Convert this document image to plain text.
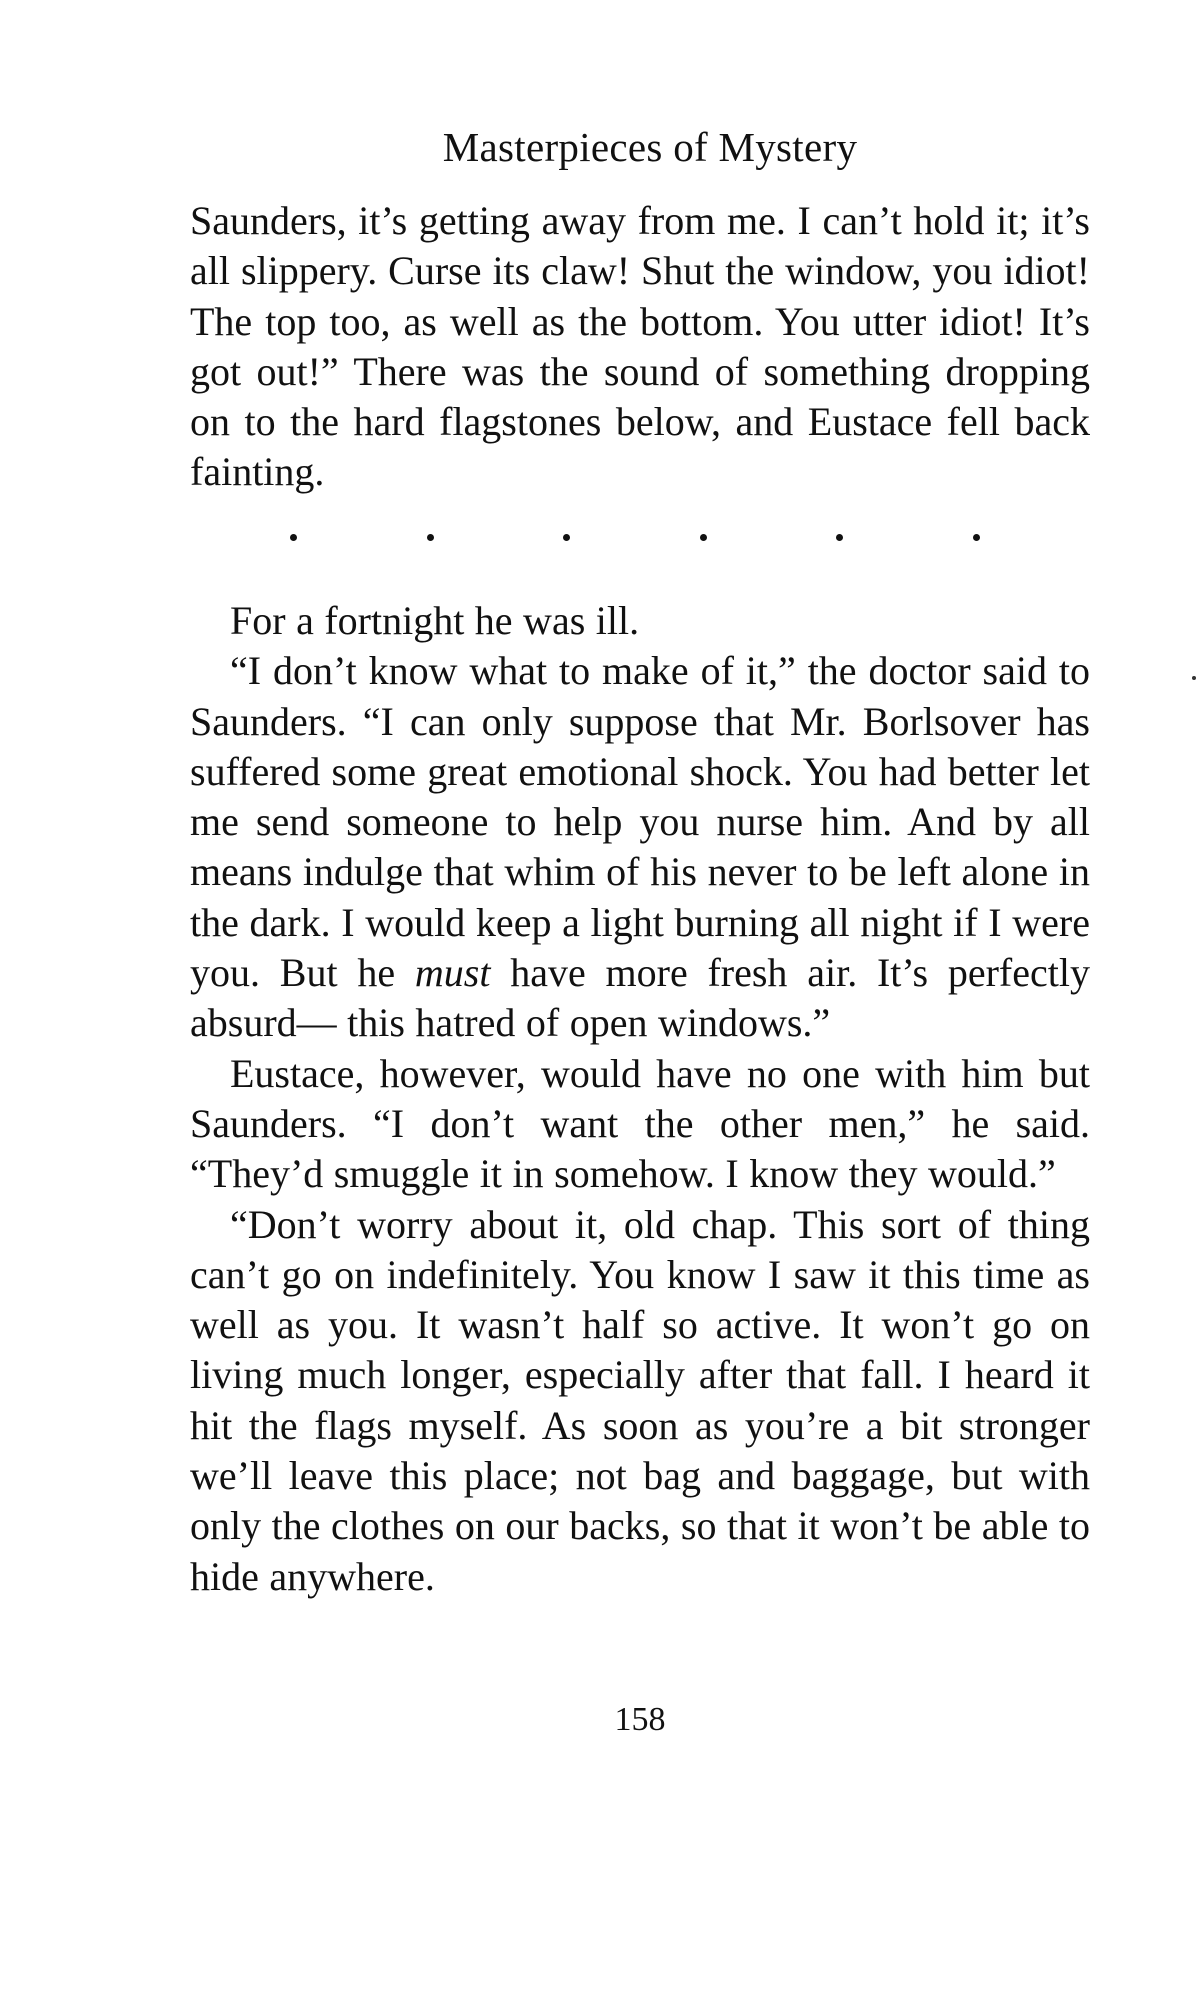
Masterpieces of Mystery

Saunders, it’s getting away from me. I can’t hold it; it’s all slippery. Curse its claw! Shut the window, you idiot! The top too, as well as the bottom. You utter idiot! It’s got out!” There was the sound of something dropping on to the hard flagstones below, and Eustace fell back fainting.

For a fortnight he was ill.

“I don’t know what to make of it,” the doctor said to Saunders. “I can only suppose that Mr. Borlsover has suffered some great emotional shock. You had better let me send someone to help you nurse him. And by all means indulge that whim of his never to be left alone in the dark. I would keep a light burning all night if I were you. But he must have more fresh air. It’s perfectly absurd— this hatred of open windows.”

Eustace, however, would have no one with him but Saunders. “I don’t want the other men,” he said. “They’d smuggle it in somehow. I know they would.”

“Don’t worry about it, old chap. This sort of thing can’t go on indefinitely. You know I saw it this time as well as you. It wasn’t half so active. It won’t go on living much longer, especially after that fall. I heard it hit the flags myself. As soon as you’re a bit stronger we’ll leave this place; not bag and baggage, but with only the clothes on our backs, so that it won’t be able to hide anywhere.

158
